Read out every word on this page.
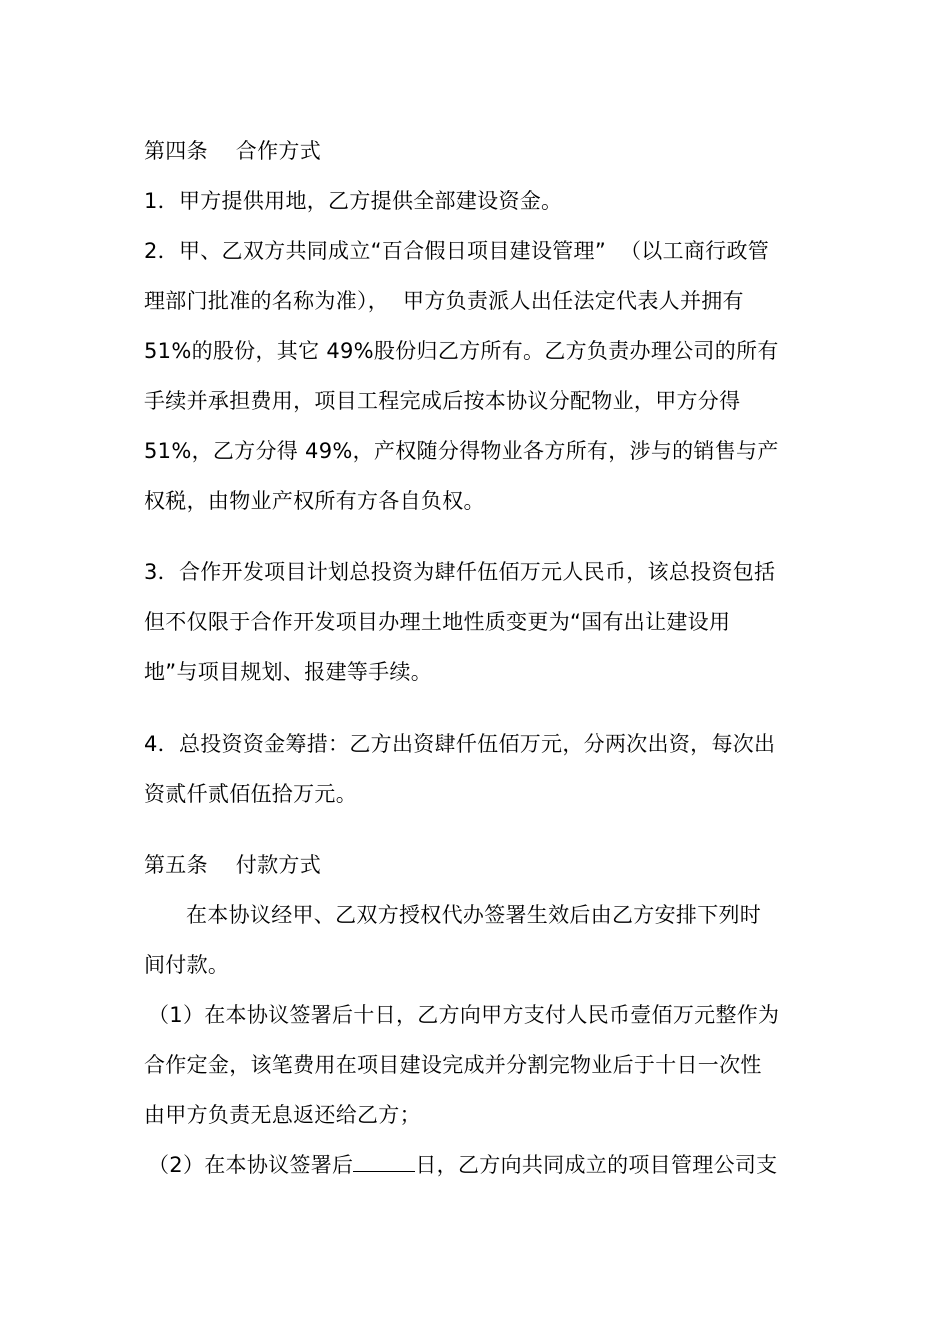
第四条    合作方式
1．甲方提供用地，乙方提供全部建设资金。
2．甲、乙双方共同成立“百合假日项目建设管理”  （以工商行政管
理部门批准的名称为准），  甲方负责派人出任法定代表人并拥有
51%的股份，其它 49%股份归乙方所有。乙方负责办理公司的所有
手续并承担费用，项目工程完成后按本协议分配物业，甲方分得
51%，乙方分得 49%，产权随分得物业各方所有，涉与的销售与产
权税，由物业产权所有方各自负权。
3．合作开发项目计划总投资为肆仟伍佰万元人民币，该总投资包括
但不仅限于合作开发项目办理土地性质变更为“国有出让建设用
地”与项目规划、报建等手续。
4．总投资资金筹措：乙方出资肆仟伍佰万元，分两次出资，每次出
资贰仟贰佰伍拾万元。
第五条    付款方式
在本协议经甲、乙双方授权代办签署生效后由乙方安排下列时
间付款。
（1）在本协议签署后十日，乙方向甲方支付人民币壹佰万元整作为
合作定金，该笔费用在项目建设完成并分割完物业后于十日一次性
由甲方负责无息返还给乙方；
（2）在本协议签署后	日，乙方向共同成立的项目管理公司支
